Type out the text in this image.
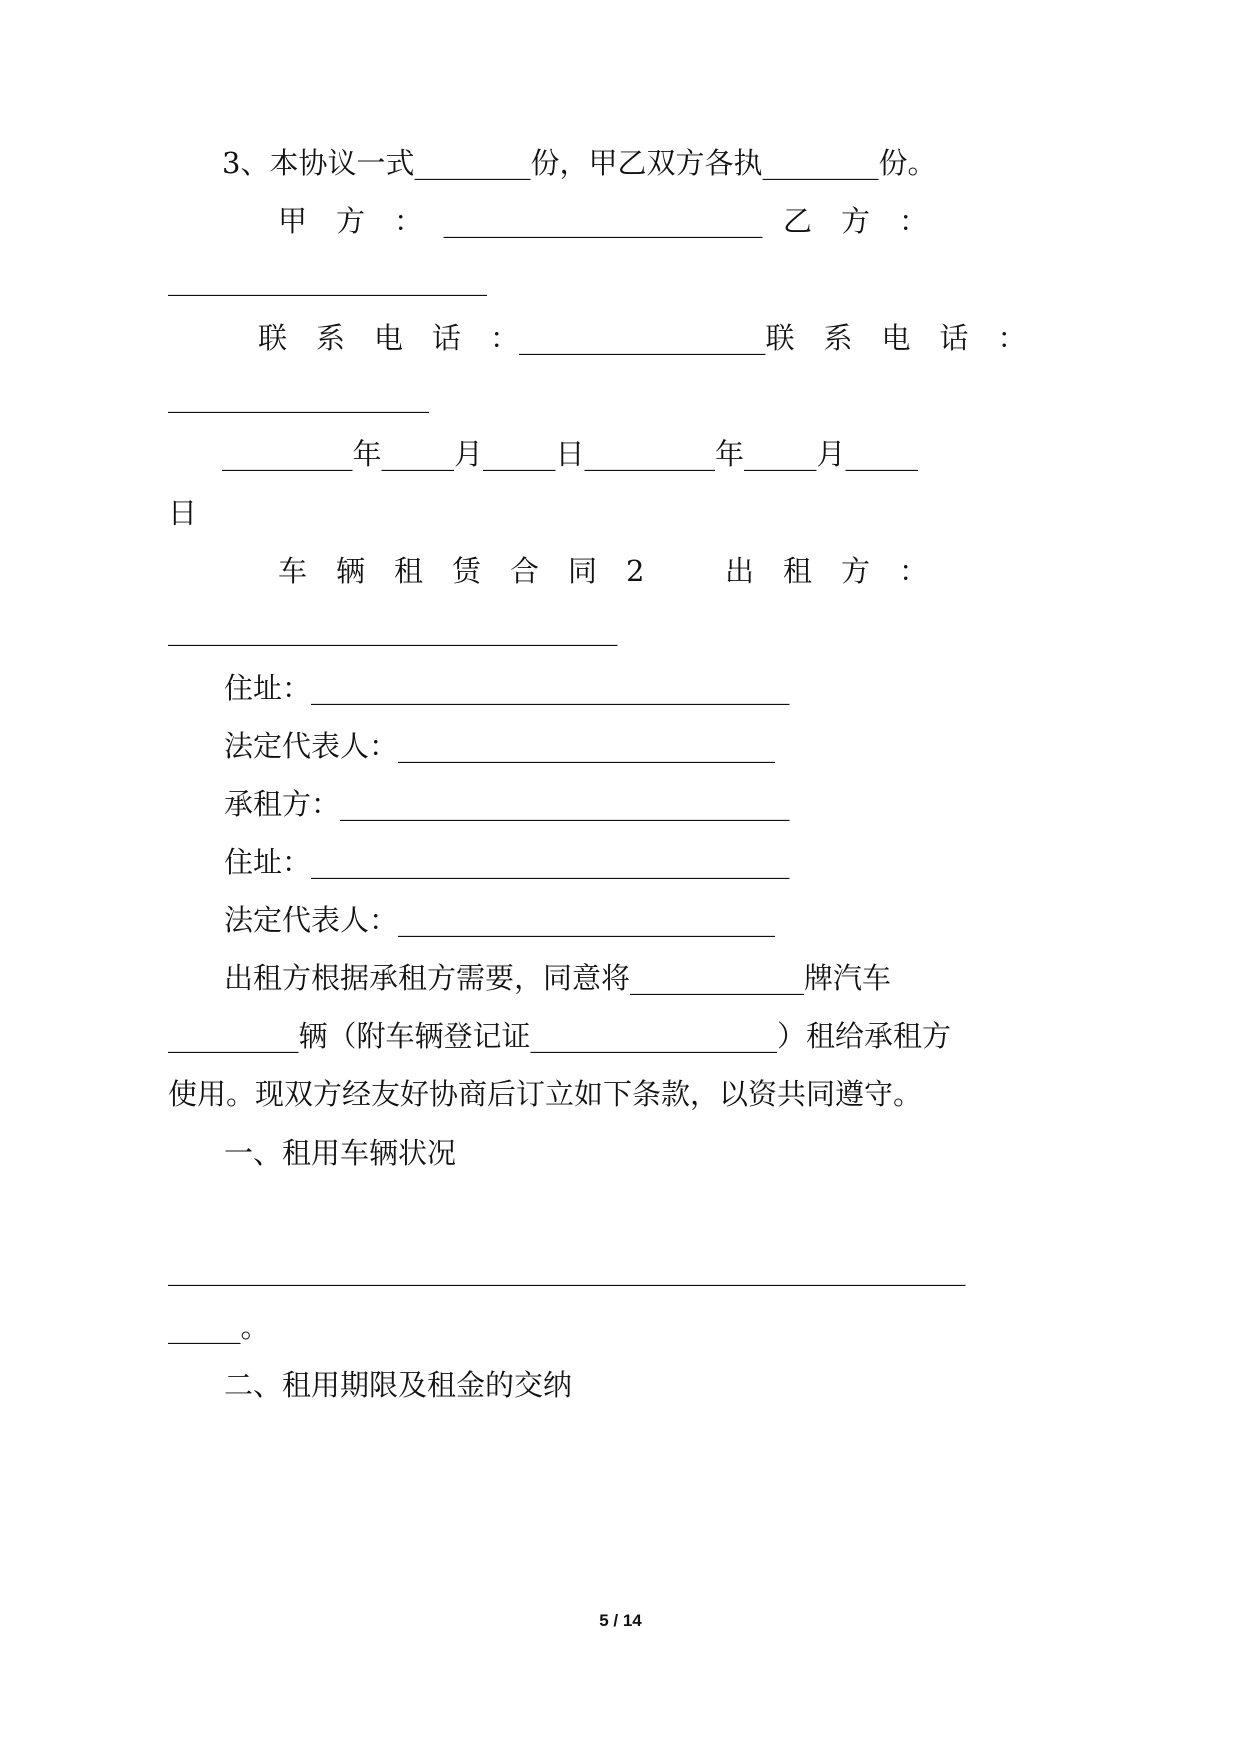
3、本协议一式________份，甲乙双方各执________份。
甲　方　： ______________________ 乙　方　：
______________________
联　系　电　话　： _________________ 联　系　电　话　：
__________________
_________年_____月_____日_________年_____月_____
日
车　辆　租　赁　合　同　2	出　租　方　：
_______________________________
住址：_________________________________
法定代表人：__________________________
承租方：_______________________________
住址：_________________________________
法定代表人：__________________________
出租方根据承租方需要，同意将____________牌汽车
_________辆（附车辆登记证_________________）租给承租方
使用。现双方经友好协商后订立如下条款，以资共同遵守。
一、租用车辆状况
_______________________________________________________
_____。
二、租用期限及租金的交纳
5 / 14
